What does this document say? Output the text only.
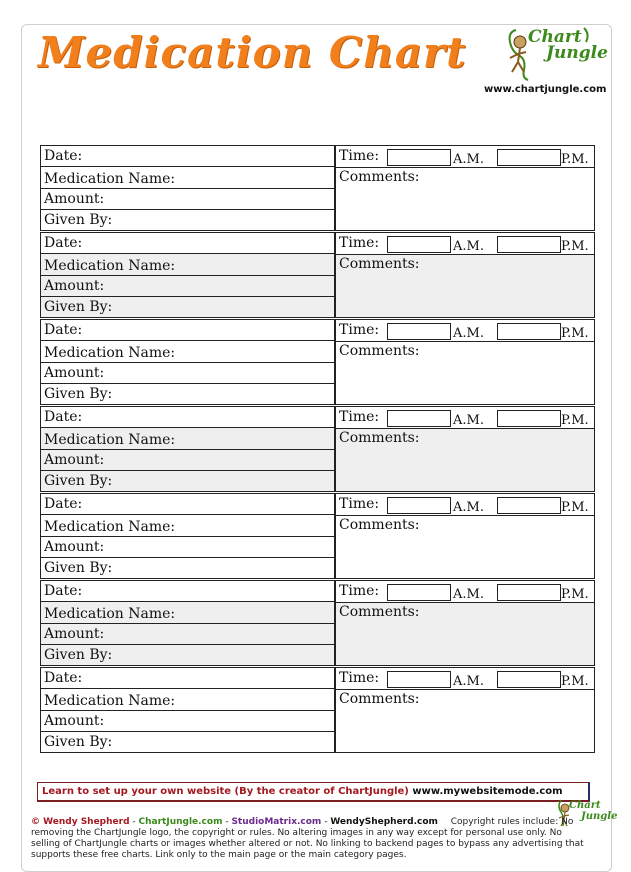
Medication Chart	Chart
Jungle
www.chartjungle.com
Date:
Medication Name:
Amount:
Given By:
Time:	A.M.	P.M.
Comments:
Date:
Medication Name:
Amount:
Given By:
Time:	A.M.	P.M.
Comments:
Date:
Medication Name:
Amount:
Given By:
Time:	A.M.	P.M.
Comments:
Date:
Medication Name:
Amount:
Given By:
Time:	A.M.	P.M.
Comments:
Date:
Medication Name:
Amount:
Given By:
Time:	A.M.	P.M.
Comments:
Date:
Medication Name:
Amount:
Given By:
Time:	A.M.	P.M.
Comments:
Date:
Medication Name:
Amount:
Given By:
Time:	A.M.	P.M.
Comments:
Learn to set up your own website (By the creator of ChartJungle) www.mywebsitemode.com
Chart
Jungle
© Wendy Shepherd - ChartJungle.com - StudioMatrix.com - WendyShepherd.com Copyright rules include: No removing the ChartJungle logo, the copyright or rules. No altering images in any way except for personal use only. No selling of ChartJungle charts or images whether altered or not. No linking to backend pages to bypass any advertising that supports these free charts. Link only to the main page or the main category pages.
